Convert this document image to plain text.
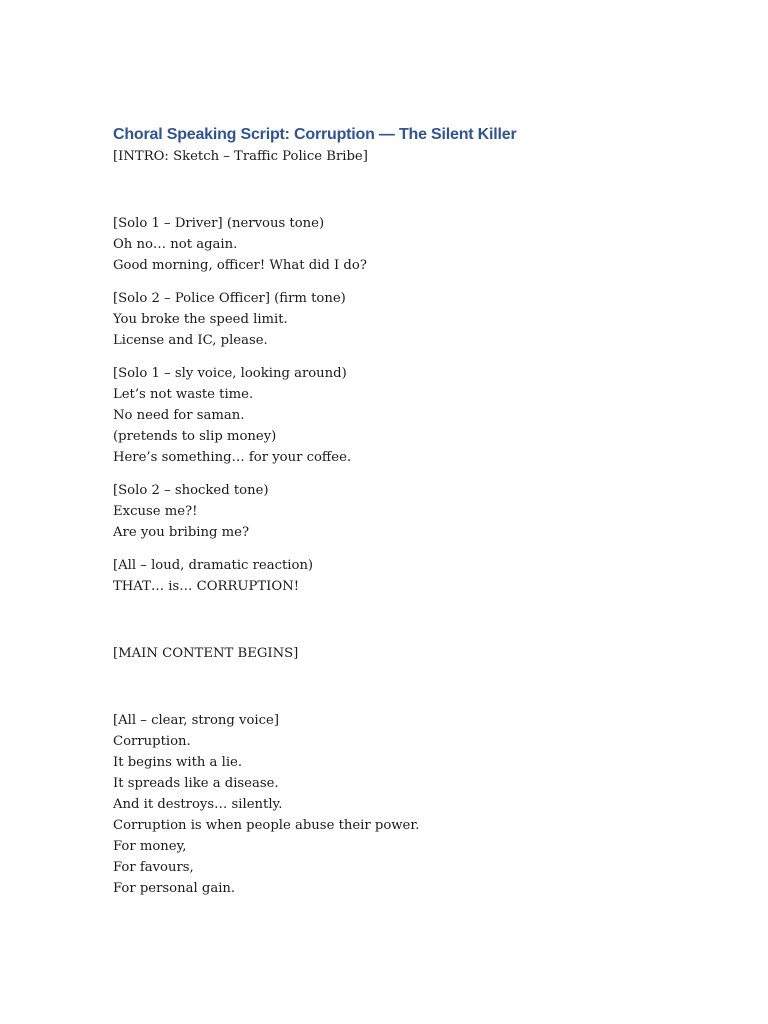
Choral Speaking Script: Corruption — The Silent Killer
[INTRO: Sketch – Traffic Police Bribe]
[Solo 1 – Driver] (nervous tone)
Oh no… not again.
Good morning, officer! What did I do?
[Solo 2 – Police Officer] (firm tone)
You broke the speed limit.
License and IC, please.
[Solo 1 – sly voice, looking around)
Let’s not waste time.
No need for saman.
(pretends to slip money)
Here’s something… for your coffee.
[Solo 2 – shocked tone)
Excuse me?!
Are you bribing me?
[All – loud, dramatic reaction)
THAT… is… CORRUPTION!
[MAIN CONTENT BEGINS]
[All – clear, strong voice]
Corruption.
It begins with a lie.
It spreads like a disease.
And it destroys… silently.
Corruption is when people abuse their power.
For money,
For favours,
For personal gain.
